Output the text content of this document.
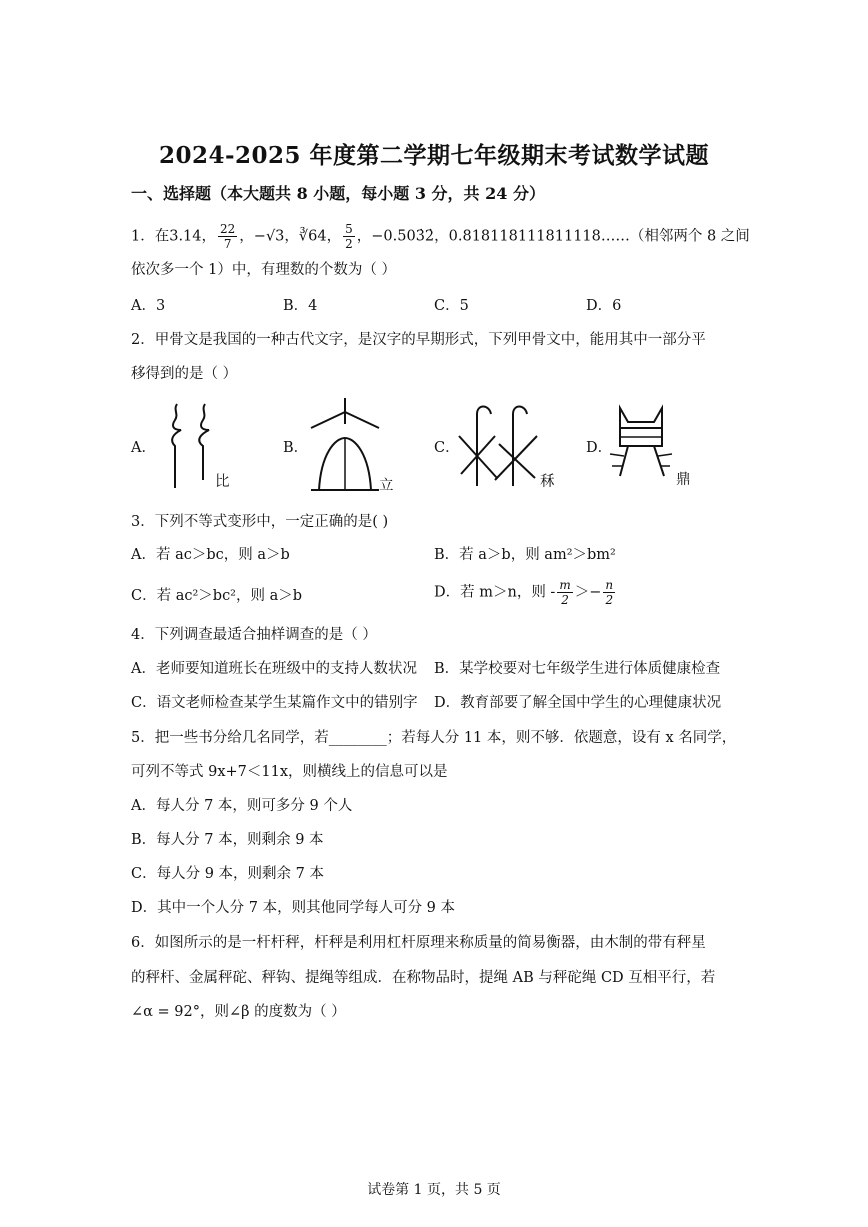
2024-2025 年度第二学期七年级期末考试数学试题
一、选择题（本大题共 8 小题，每小题 3 分，共 24 分）
1．在3.14， $\frac{22}{7}$ ，−√3，∛64， $\frac{5}{2}$ ，−0.503̇2̇，0.818118111811118……（相邻两个 8 之间
依次多一个 1）中，有理数的个数为（ ）
A．3	B．4	C．5	D．6
2．甲骨文是我国的一种古代文字，是汉字的早期形式，下列甲骨文中，能用其中一部分平
移得到的是（ ）
A．
比
B．
立
C．
秝
D．
鼎
3．下列不等式变形中，一定正确的是( )
A．若 ac＞bc，则 a＞b	B．若 a＞b，则 am²＞bm²
C．若 ac²＞bc²，则 a＞b	D．若 m＞n，则 - $\frac{m}{2} >- \frac{n}{2}$
4．下列调查最适合抽样调查的是（ ）
A．老师要知道班长在班级中的支持人数状况 B．某学校要对七年级学生进行体质健康检查
C．语文老师检查某学生某篇作文中的错别字 D．教育部要了解全国中学生的心理健康状况
5．把一些书分给几名同学，若________；若每人分 11 本，则不够．依题意，设有 x 名同学，
可列不等式 9x+7＜11x，则横线上的信息可以是
A．每人分 7 本，则可多分 9 个人
B．每人分 7 本，则剩余 9 本
C．每人分 9 本，则剩余 7 本
D．其中一个人分 7 本，则其他同学每人可分 9 本
6．如图所示的是一杆杆秤，杆秤是利用杠杆原理来称质量的简易衡器，由木制的带有秤星
的秤杆、金属秤砣、秤钩、提绳等组成．在称物品时，提绳 AB 与秤砣绳 CD 互相平行，若
∠α = 92°，则∠β 的度数为（ ）
试卷第 1 页，共 5 页
